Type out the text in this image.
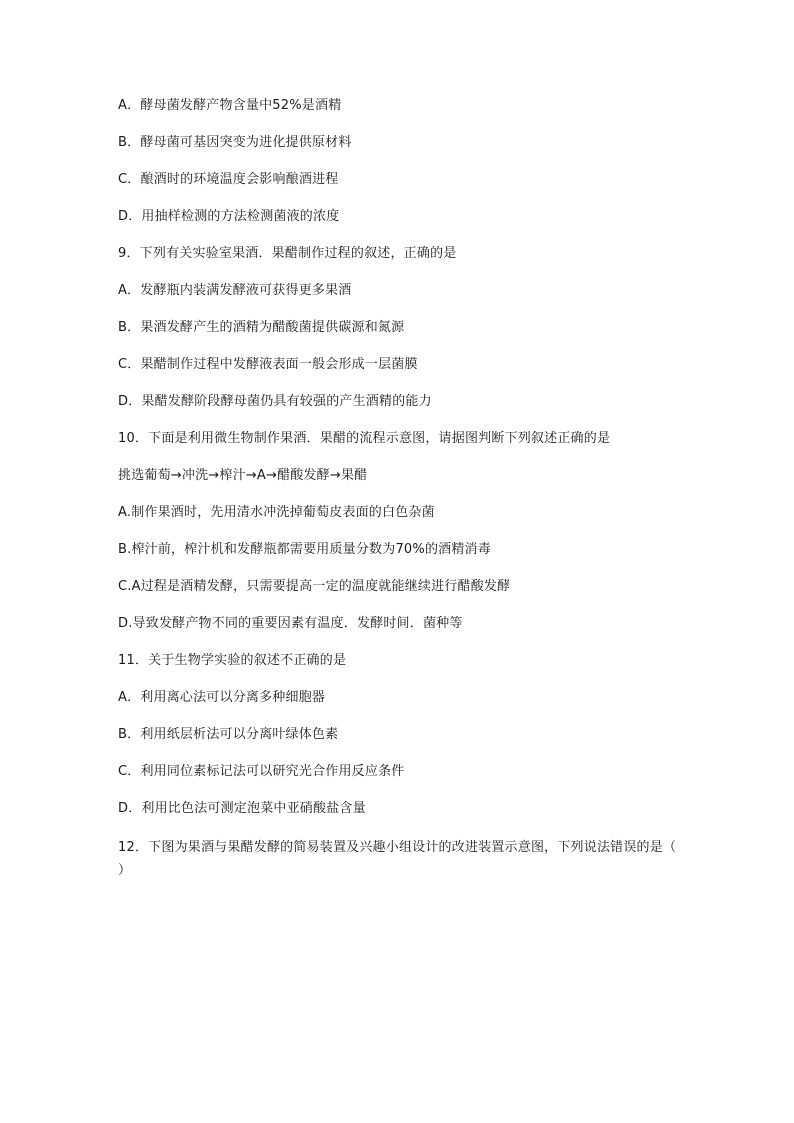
A．酵母菌发酵产物含量中52%是酒精
B．酵母菌可基因突变为进化提供原材料
C．酿酒时的环境温度会影响酿酒进程
D．用抽样检测的方法检测菌液的浓度
9．下列有关实验室果酒．果醋制作过程的叙述，正确的是
A．发酵瓶内装满发酵液可获得更多果酒
B．果酒发酵产生的酒精为醋酸菌提供碳源和氮源
C．果醋制作过程中发酵液表面一般会形成一层菌膜
D．果醋发酵阶段酵母菌仍具有较强的产生酒精的能力
10．下面是利用微生物制作果酒．果醋的流程示意图，请据图判断下列叙述正确的是
挑选葡萄→冲洗→榨汁→A→醋酸发酵→果醋
A.制作果酒时，先用清水冲洗掉葡萄皮表面的白色杂菌
B.榨汁前，榨汁机和发酵瓶都需要用质量分数为70%的酒精消毒
C.A过程是酒精发酵，只需要提高一定的温度就能继续进行醋酸发酵
D.导致发酵产物不同的重要因素有温度．发酵时间．菌种等
11．关于生物学实验的叙述不正确的是
A．利用离心法可以分离多种细胞器
B．利用纸层析法可以分离叶绿体色素
C．利用同位素标记法可以研究光合作用反应条件
D．利用比色法可测定泡菜中亚硝酸盐含量
12．下图为果酒与果醋发酵的简易装置及兴趣小组设计的改进装置示意图，下列说法错误的是（　　）
